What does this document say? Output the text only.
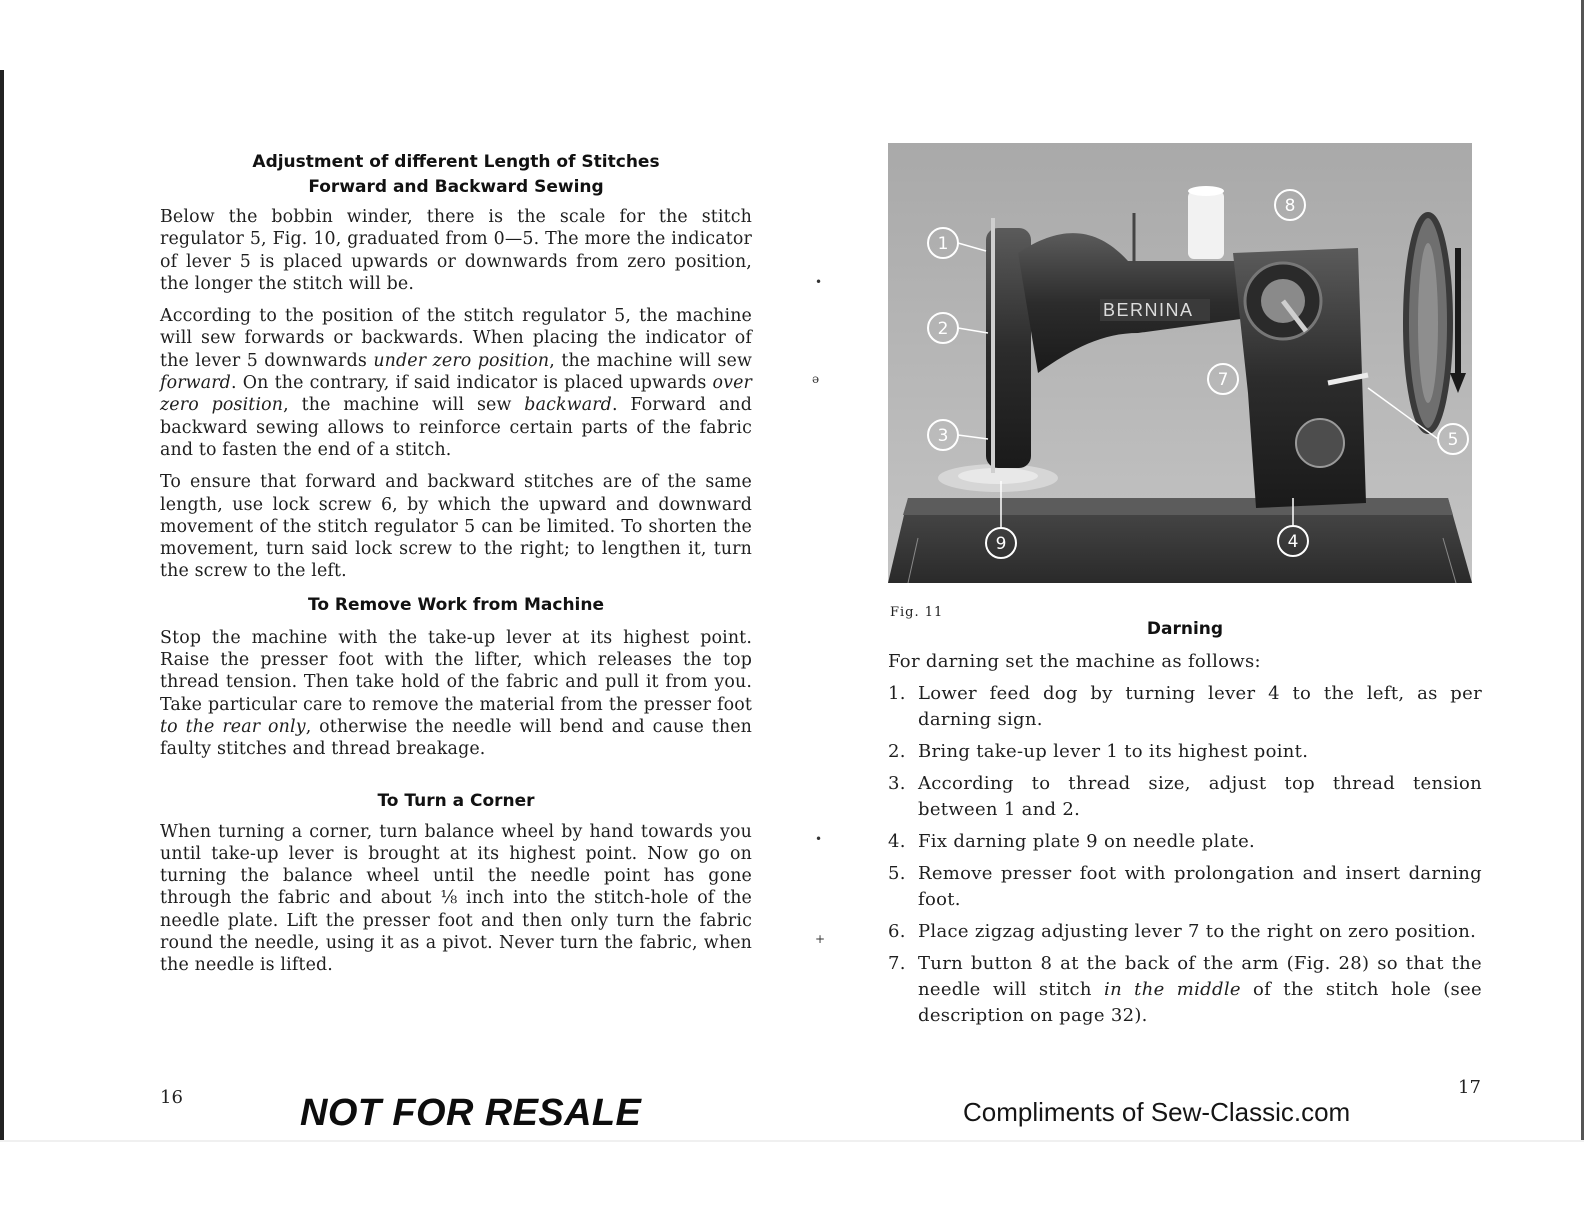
Adjustment of different Length of Stitches
Forward and Backward Sewing

Below the bobbin winder, there is the scale for the stitch regulator 5, Fig. 10, graduated from 0—5. The more the indicator of lever 5 is placed upwards or downwards from zero position, the longer the stitch will be.

According to the position of the stitch regulator 5, the machine will sew forwards or backwards. When placing the indicator of the lever 5 downwards under zero position, the machine will sew forward. On the contrary, if said indicator is placed upwards over zero position, the machine will sew backward. Forward and backward sewing allows to reinforce certain parts of the fabric and to fasten the end of a stitch.

To ensure that forward and backward stitches are of the same length, use lock screw 6, by which the upward and downward movement of the stitch regulator 5 can be limited. To shorten the movement, turn said lock screw to the right; to lengthen it, turn the screw to the left.

To Remove Work from Machine

Stop the machine with the take-up lever at its highest point. Raise the presser foot with the lifter, which releases the top thread tension. Then take hold of the fabric and pull it from you. Take particular care to remove the material from the presser foot to the rear only, otherwise the needle will bend and cause then faulty stitches and thread breakage.

To Turn a Corner

When turning a corner, turn balance wheel by hand towards you until take-up lever is brought at its highest point. Now go on turning the balance wheel until the needle point has gone through the fabric and about ⅛ inch into the stitch-hole of the needle plate. Lift the presser foot and then only turn the fabric round the needle, using it as a pivot. Never turn the fabric, when the needle is lifted.

16	NOT FOR RESALE
•
ə
•
+
BERNINA
1
2
3
8
7
5
9	4
Fig. 11
Darning

For darning set the machine as follows:

1. Lower feed dog by turning lever 4 to the left, as per darning sign.
2. Bring take-up lever 1 to its highest point.
3. According to thread size, adjust top thread tension between 1 and 2.
4. Fix darning plate 9 on needle plate.
5. Remove presser foot with prolongation and insert darning foot.
6. Place zigzag adjusting lever 7 to the right on zero position.
7. Turn button 8 at the back of the arm (Fig. 28) so that the needle will stitch in the middle of the stitch hole (see description on page 32).
17
Compliments of Sew-Classic.com
